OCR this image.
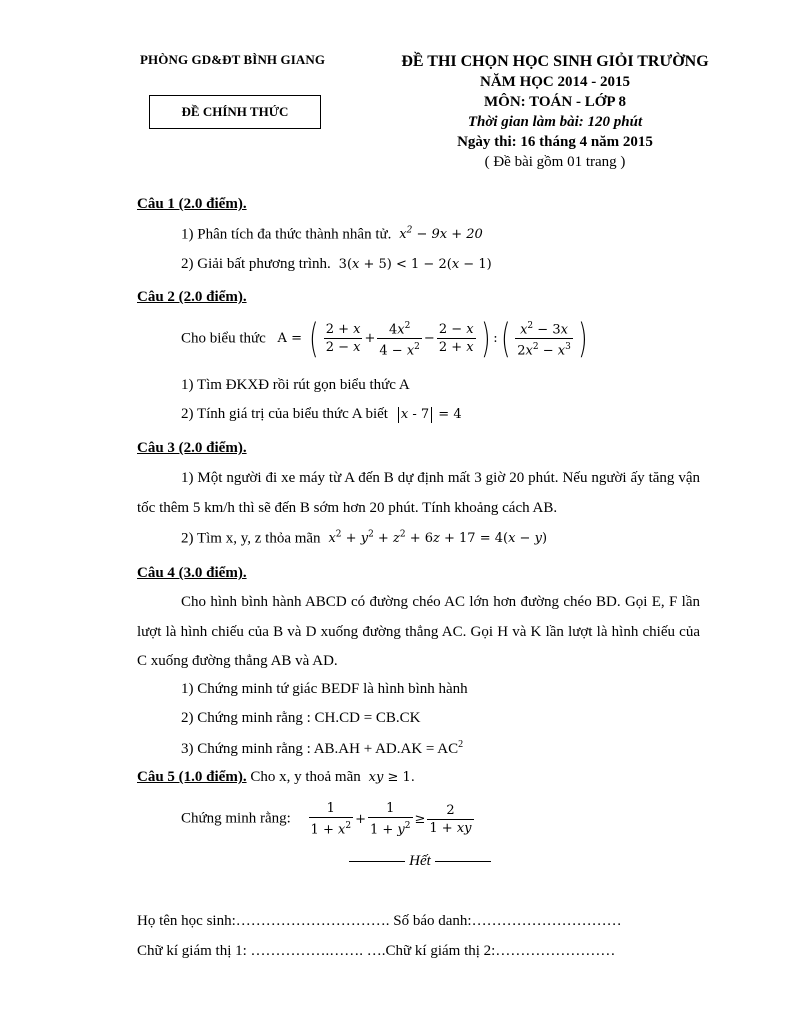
PHÒNG GD&ĐT BÌNH GIANG
ĐỀ CHÍNH THỨC
ĐỀ THI CHỌN HỌC SINH GIỎI TRƯỜNG
NĂM HỌC 2014 - 2015
MÔN: TOÁN - LỚP 8
Thời gian làm bài: 120 phút
Ngày thi: 16 tháng 4 năm 2015
( Đề bài gồm 01 trang )
Câu 1 (2.0 điểm).
1) Phân tích đa thức thành nhân tử.  $x^2 - 9x + 20$
2) Giải bất phương trình.  3(x + 5) < 1 − 2(x − 1)
Câu 2 (2.0 điểm).
Cho biểu thức A = ( $\frac{2 + x}{2 - x} + \frac{4x^2}{4 - x^2} - \frac{2 - x}{2 + x}$ ) :( $\frac{x^2 - 3x}{2x^2 - x^3}$ )
1) Tìm ĐKXĐ rồi rút gọn biểu thức A
2) Tính giá trị của biểu thức A biết x - 7 = 4
Câu 3 (2.0 điểm).
1) Một người đi xe máy từ A đến B dự định mất 3 giờ 20 phút. Nếu người ấy tăng vận tốc thêm 5 km/h thì sẽ đến B sớm hơn 20 phút. Tính khoảng cách AB.
2) Tìm x, y, z thỏa mãn $x^2 + y^2 + z^2 + 6z + 17 = 4(x - y)$
Câu 4 (3.0 điểm).
Cho hình bình hành ABCD có đường chéo AC lớn hơn đường chéo BD. Gọi E, F lần lượt là hình chiếu của B và D xuống đường thẳng AC. Gọi H và K lần lượt là hình chiếu của C xuống đường thẳng AB và AD.
1) Chứng minh tứ giác BEDF là hình bình hành
2) Chứng minh rằng : CH.CD = CB.CK
3) Chứng minh rằng : $AB.AH + AD.AK = AC^2$
Câu 5 (1.0 điểm). Cho x, y thoả mãn xy ≥ 1.
Chứng minh rằng: $\frac{1}{1 + x^2} + \frac{1}{1 + y^2} \ge \frac{2}{1 + xy}$
Hết
Họ tên học sinh:…………………………. Số báo danh:…………………………
Chữ kí giám thị 1: …………….……. ….Chữ kí giám thị 2:……………………
